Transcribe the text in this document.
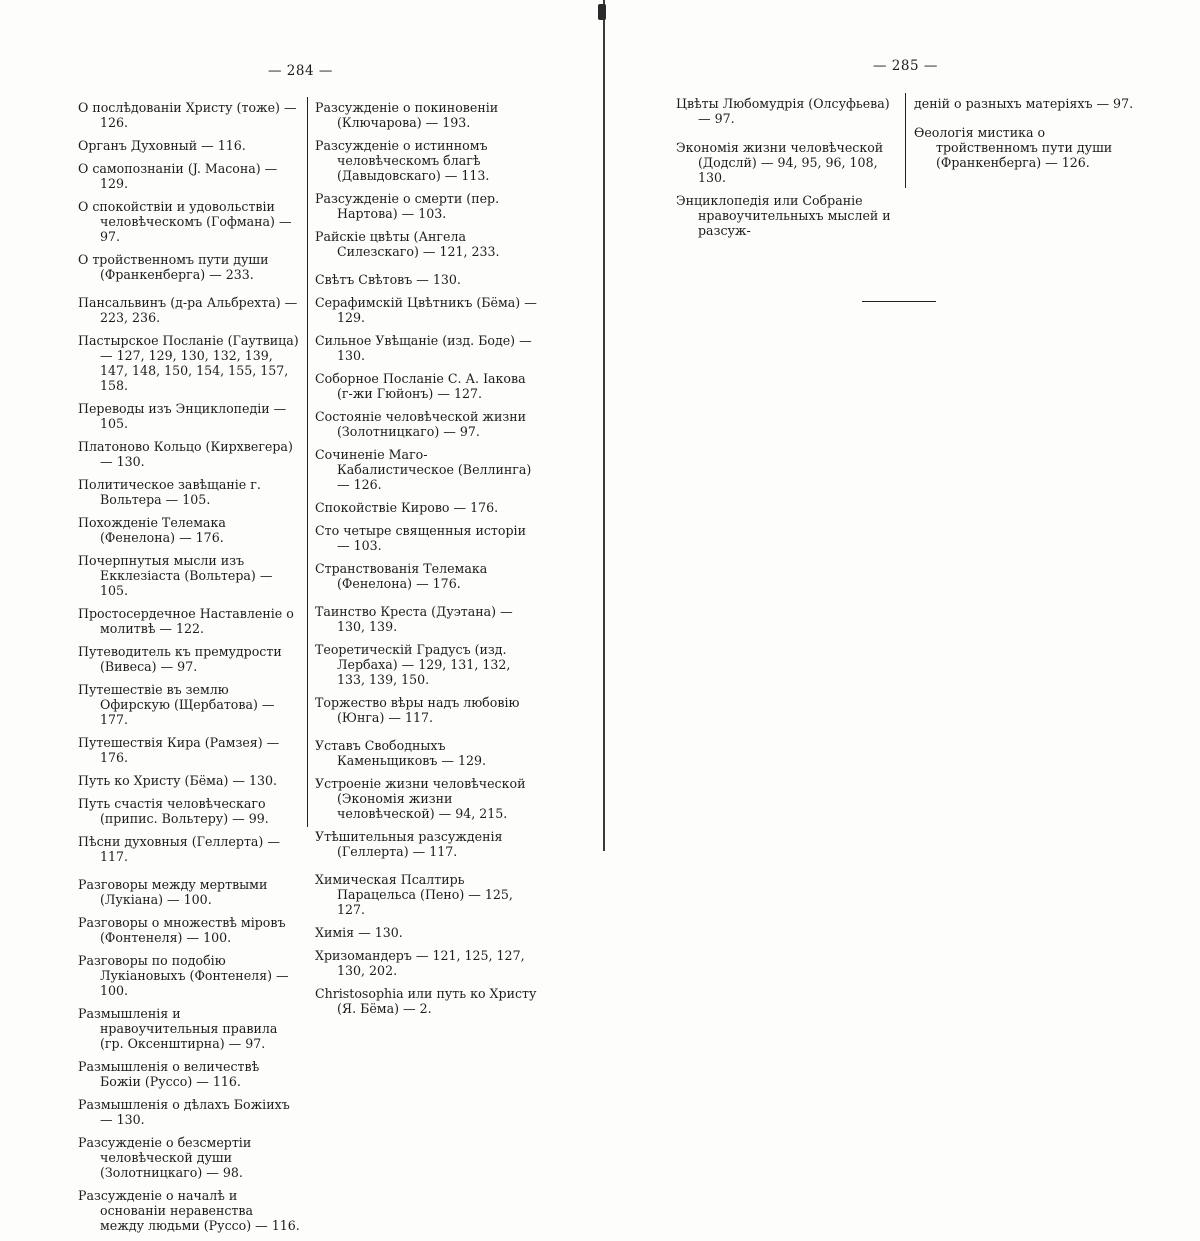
— 284 —
О послѣдованіи Христу (тоже) — 126.
Органъ Духовный — 116.
О самопознаніи (J. Масона) — 129.
О спокойствіи и удовольствіи человѣческомъ (Гофмана) — 97.
О тройственномъ пути души (Франкенберга) — 233.
Пансальвинъ (д-ра Альбрехта) — 223, 236.
Пастырское Посланіе (Гаутвица) — 127, 129, 130, 132, 139, 147, 148, 150, 154, 155, 157, 158.
Переводы изъ Энциклопедіи — 105.
Платоново Кольцо (Кирхвегера) — 130.
Политическое завѣщаніе г. Вольтера — 105.
Похожденіе Телемака (Фенелона) — 176.
Почерпнутыя мысли изъ Екклезіаста (Вольтера) — 105.
Простосердечное Наставленіе о молитвѣ — 122.
Путеводитель къ премудрости (Вивеса) — 97.
Путешествіе въ землю Офирскую (Щербатова) — 177.
Путешествія Кира (Рамзея) — 176.
Путь ко Христу (Бёма) — 130.
Путь счастія человѣческаго (припис. Вольтеру) — 99.
Пѣсни духовныя (Геллерта) — 117.
Разговоры между мертвыми (Лукіана) — 100.
Разговоры о множествѣ міровъ (Фонтенеля) — 100.
Разговоры по подобію Лукіановыхъ (Фонтенеля) — 100.
Размышленія и нравоучительныя правила (гр. Оксенштирна) — 97.
Размышленія о величествѣ Божіи (Руссо) — 116.
Размышленія о дѣлахъ Божіихъ — 130.
Разсужденіе о безсмертіи человѣческой души (Золотницкаго) — 98.
Разсужденіе о началѣ и основаніи неравенства между людьми (Руссо) — 116.
Разсужденіе о покиновеніи (Ключарова) — 193.
Разсужденіе о истинномъ человѣческомъ благѣ (Давыдовскаго) — 113.
Разсужденіе о смерти (пер. Нартова) — 103.
Райскіе цвѣты (Ангела Силезскаго) — 121, 233.
Свѣтъ Свѣтовъ — 130.
Серафимскій Цвѣтникъ (Бёма) — 129.
Сильное Увѣщаніе (изд. Боде) — 130.
Соборное Посланіе С. А. Іакова (г-жи Гюйонъ) — 127.
Состояніе человѣческой жизни (Золотницкаго) — 97.
Сочиненіе Маго-Кабалистическое (Веллинга) — 126.
Спокойствіе Кирово — 176.
Сто четыре священныя исторіи — 103.
Странствованія Телемака (Фенелона) — 176.
Таинство Креста (Дуэтана) — 130, 139.
Теоретическій Градусъ (изд. Лербаха) — 129, 131, 132, 133, 139, 150.
Торжество вѣры надъ любовію (Юнга) — 117.
Уставъ Свободныхъ Каменьщиковъ — 129.
Устроеніе жизни человѣческой (Экономія жизни человѣческой) — 94, 215.
Утѣшительныя разсужденія (Геллерта) — 117.
Химическая Псалтирь Парацельса (Пено) — 125, 127.
Химія — 130.
Хризомандеръ — 121, 125, 127, 130, 202.
Christosophia или путь ко Христу (Я. Бёма) — 2.
— 285 —
Цвѣты Любомудрія (Олсуфьева) — 97.
Экономія жизни человѣческой (Додслй) — 94, 95, 96, 108, 130.
Энциклопедія или Собраніе нравоучительныхъ мыслей и разсуж-
деній о разныхъ матеріяхъ — 97.
Ѳеологія мистика о тройственномъ пути души (Франкенберга) — 126.
